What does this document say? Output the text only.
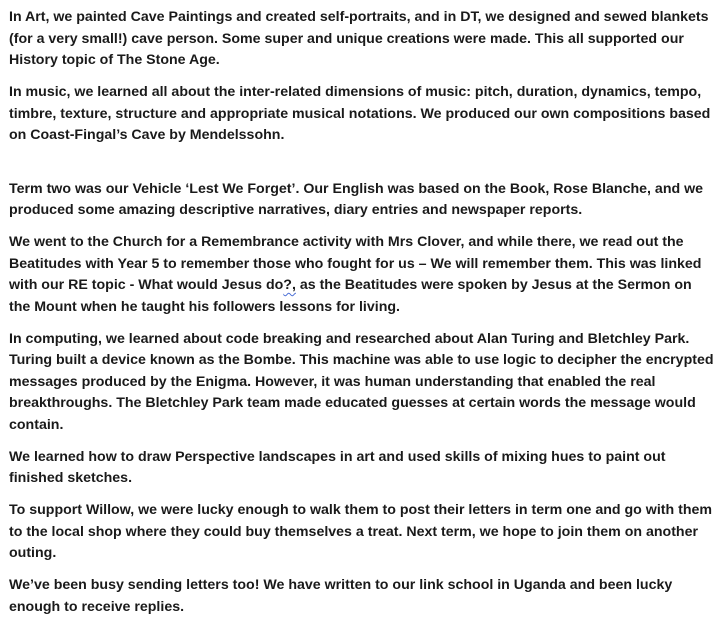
In Art, we painted Cave Paintings and created self-portraits, and in DT, we designed and sewed blankets (for a very small!) cave person. Some super and unique creations were made. This all supported our History topic of The Stone Age.

In music, we learned all about the inter-related dimensions of music: pitch, duration, dynamics, tempo, timbre, texture, structure and appropriate musical notations. We produced our own compositions based on Coast-Fingal’s Cave by Mendelssohn.

Term two was our Vehicle ‘Lest We Forget’. Our English was based on the Book, Rose Blanche, and we produced some amazing descriptive narratives, diary entries and newspaper reports.

We went to the Church for a Remembrance activity with Mrs Clover, and while there, we read out the Beatitudes with Year 5 to remember those who fought for us – We will remember them. This was linked with our RE topic - What would Jesus do?, as the Beatitudes were spoken by Jesus at the Sermon on the Mount when he taught his followers lessons for living.

In computing, we learned about code breaking and researched about Alan Turing and Bletchley Park. Turing built a device known as the Bombe. This machine was able to use logic to decipher the encrypted messages produced by the Enigma. However, it was human understanding that enabled the real breakthroughs. The Bletchley Park team made educated guesses at certain words the message would contain.

We learned how to draw Perspective landscapes in art and used skills of mixing hues to paint out finished sketches.

To support Willow, we were lucky enough to walk them to post their letters in term one and go with them to the local shop where they could buy themselves a treat. Next term, we hope to join them on another outing.

We’ve been busy sending letters too! We have written to our link school in Uganda and been lucky enough to receive replies.
